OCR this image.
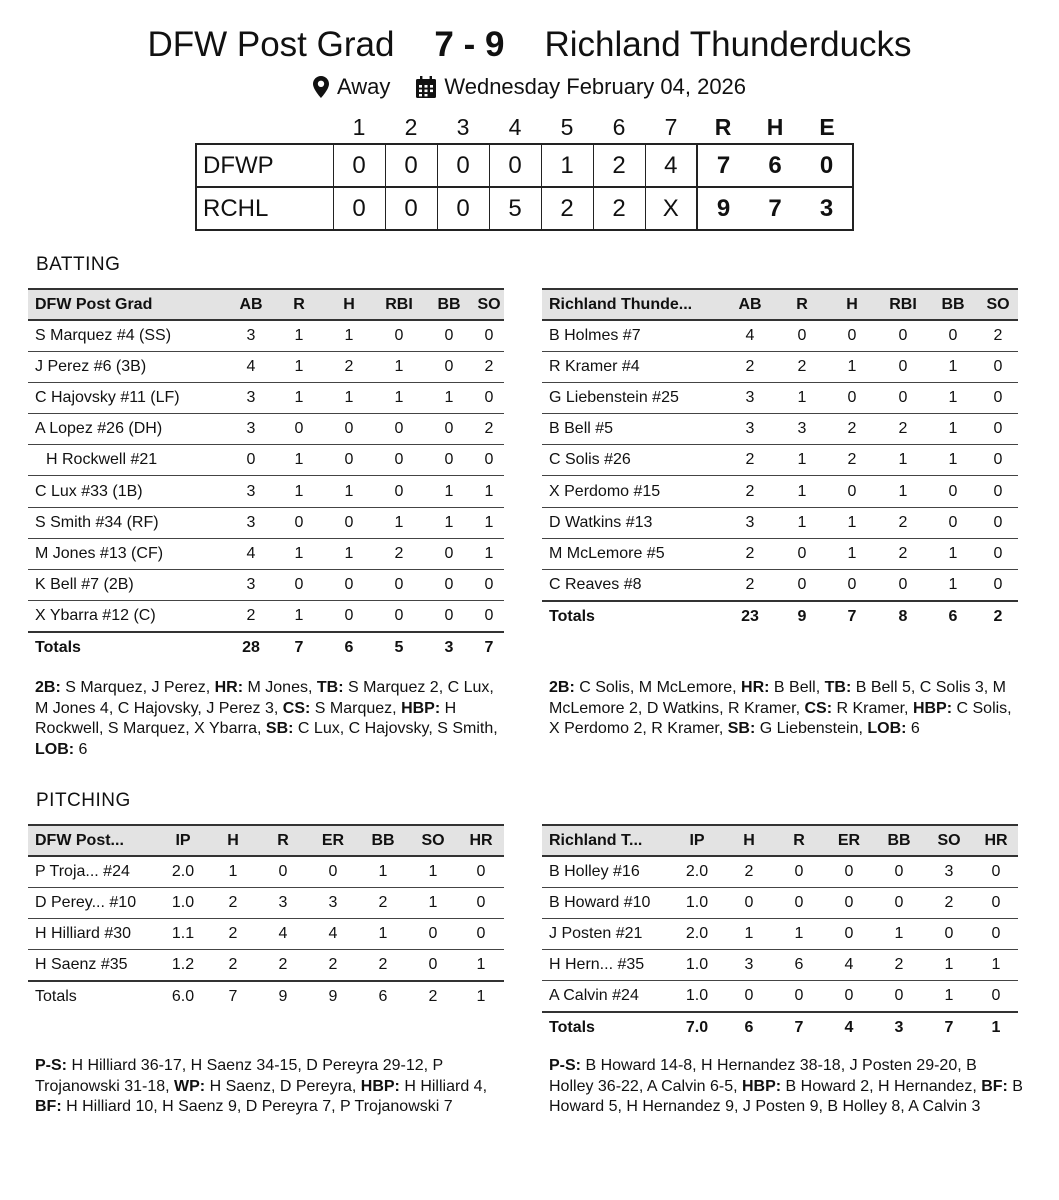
DFW Post Grad 7 - 9 Richland Thunderducks
Away Wednesday February 04, 2026
	1	2	3	4	5	6	7	R	H	E
DFWP	0	0	0	0	1	2	4	7	6	0
RCHL	0	0	0	5	2	2	X	9	7	3
BATTING
DFW Post Grad	AB	R	H	RBI	BB	SO
S Marquez #4 (SS)	3	1	1	0	0	0
J Perez #6 (3B)	4	1	2	1	0	2
C Hajovsky #11 (LF)	3	1	1	1	1	0
A Lopez #26 (DH)	3	0	0	0	0	2
H Rockwell #21	0	1	0	0	0	0
C Lux #33 (1B)	3	1	1	0	1	1
S Smith #34 (RF)	3	0	0	1	1	1
M Jones #13 (CF)	4	1	1	2	0	1
K Bell #7 (2B)	3	0	0	0	0	0
X Ybarra #12 (C)	2	1	0	0	0	0
Totals	28	7	6	5	3	7
Richland Thunde...	AB	R	H	RBI	BB	SO
B Holmes #7	4	0	0	0	0	2
R Kramer #4	2	2	1	0	1	0
G Liebenstein #25	3	1	0	0	1	0
B Bell #5	3	3	2	2	1	0
C Solis #26	2	1	2	1	1	0
X Perdomo #15	2	1	0	1	0	0
D Watkins #13	3	1	1	2	0	0
M McLemore #5	2	0	1	2	1	0
C Reaves #8	2	0	0	0	1	0
Totals	23	9	7	8	6	2
2B: S Marquez, J Perez, HR: M Jones, TB: S Marquez 2, C Lux, M Jones 4, C Hajovsky, J Perez 3, CS: S Marquez, HBP: H Rockwell, S Marquez, X Ybarra, SB: C Lux, C Hajovsky, S Smith, LOB: 6
2B: C Solis, M McLemore, HR: B Bell, TB: B Bell 5, C Solis 3, M McLemore 2, D Watkins, R Kramer, CS: R Kramer, HBP: C Solis, X Perdomo 2, R Kramer, SB: G Liebenstein, LOB: 6
PITCHING
DFW Post...	IP	H	R	ER	BB	SO	HR
P Troja... #24	2.0	1	0	0	1	1	0
D Perey... #10	1.0	2	3	3	2	1	0
H Hilliard #30	1.1	2	4	4	1	0	0
H Saenz #35	1.2	2	2	2	2	0	1
Totals	6.0	7	9	9	6	2	1
Richland T...	IP	H	R	ER	BB	SO	HR
B Holley #16	2.0	2	0	0	0	3	0
B Howard #10	1.0	0	0	0	0	2	0
J Posten #21	2.0	1	1	0	1	0	0
H Hern... #35	1.0	3	6	4	2	1	1
A Calvin #24	1.0	0	0	0	0	1	0
Totals	7.0	6	7	4	3	7	1
P-S: H Hilliard 36-17, H Saenz 34-15, D Pereyra 29-12, P Trojanowski 31-18, WP: H Saenz, D Pereyra, HBP: H Hilliard 4, BF: H Hilliard 10, H Saenz 9, D Pereyra 7, P Trojanowski 7
P-S: B Howard 14-8, H Hernandez 38-18, J Posten 29-20, B Holley 36-22, A Calvin 6-5, HBP: B Howard 2, H Hernandez, BF: B Howard 5, H Hernandez 9, J Posten 9, B Holley 8, A Calvin 3
